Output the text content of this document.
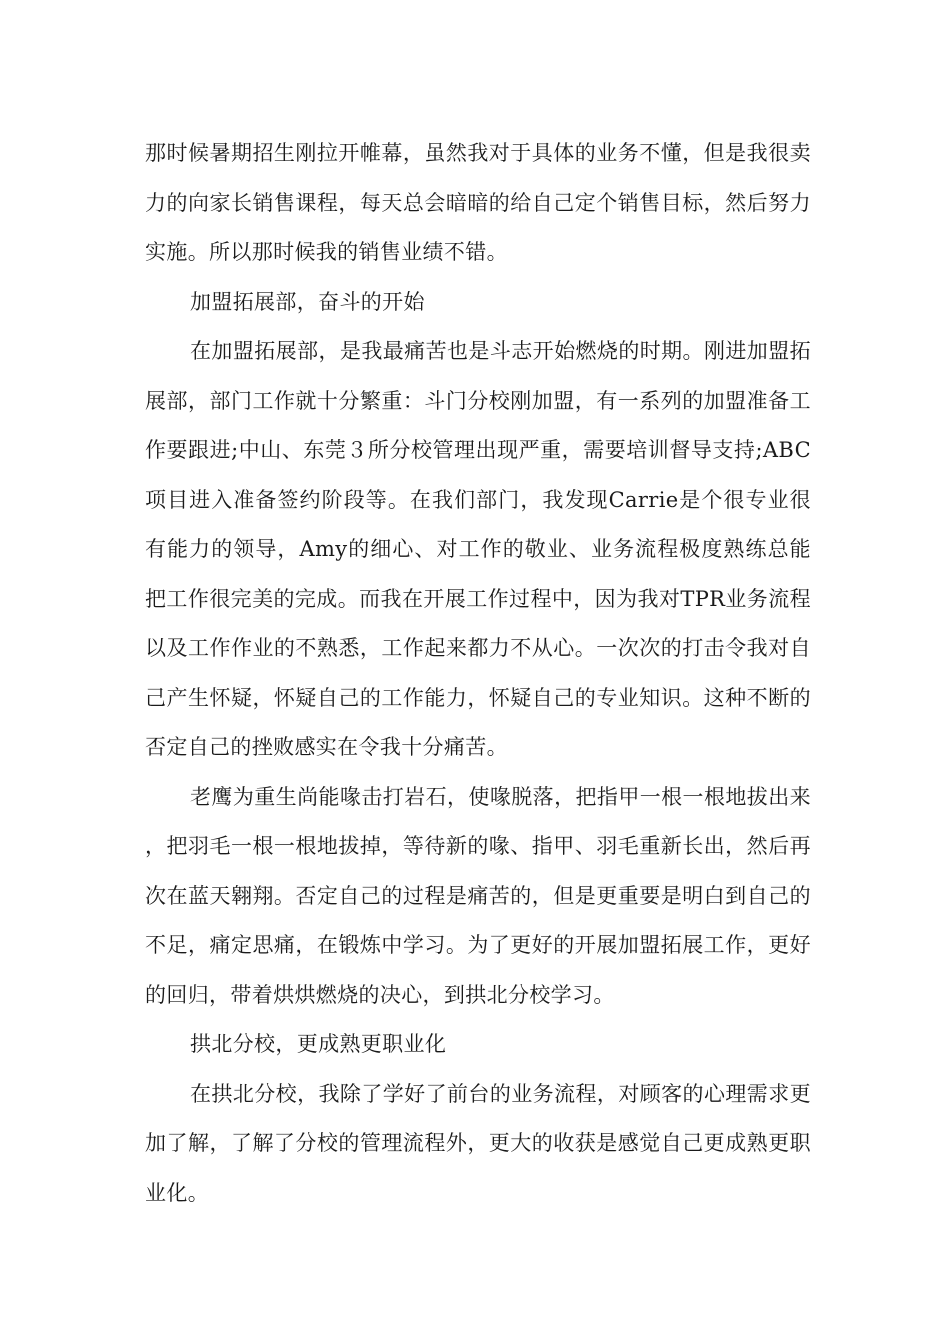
那时候暑期招生刚拉开帷幕，虽然我对于具体的业务不懂，但是我很卖力的向家长销售课程，每天总会暗暗的给自己定个销售目标，然后努力实施。所以那时候我的销售业绩不错。

加盟拓展部，奋斗的开始

在加盟拓展部，是我最痛苦也是斗志开始燃烧的时期。刚进加盟拓展部，部门工作就十分繁重：斗门分校刚加盟，有一系列的加盟准备工作要跟进;中山、东莞３所分校管理出现严重，需要培训督导支持;ABC项目进入准备签约阶段等。在我们部门，我发现Carrie是个很专业很有能力的领导，Amy的细心、对工作的敬业、业务流程极度熟练总能把工作很完美的完成。而我在开展工作过程中，因为我对TPR业务流程以及工作作业的不熟悉，工作起来都力不从心。一次次的打击令我对自己产生怀疑，怀疑自己的工作能力，怀疑自己的专业知识。这种不断的否定自己的挫败感实在令我十分痛苦。

老鹰为重生尚能喙击打岩石，使喙脱落，把指甲一根一根地拔出来，把羽毛一根一根地拔掉，等待新的喙、指甲、羽毛重新长出，然后再次在蓝天翱翔。否定自己的过程是痛苦的，但是更重要是明白到自己的不足，痛定思痛，在锻炼中学习。为了更好的开展加盟拓展工作，更好的回归，带着烘烘燃烧的决心，到拱北分校学习。

拱北分校，更成熟更职业化

在拱北分校，我除了学好了前台的业务流程，对顾客的心理需求更加了解，了解了分校的管理流程外，更大的收获是感觉自己更成熟更职业化。
